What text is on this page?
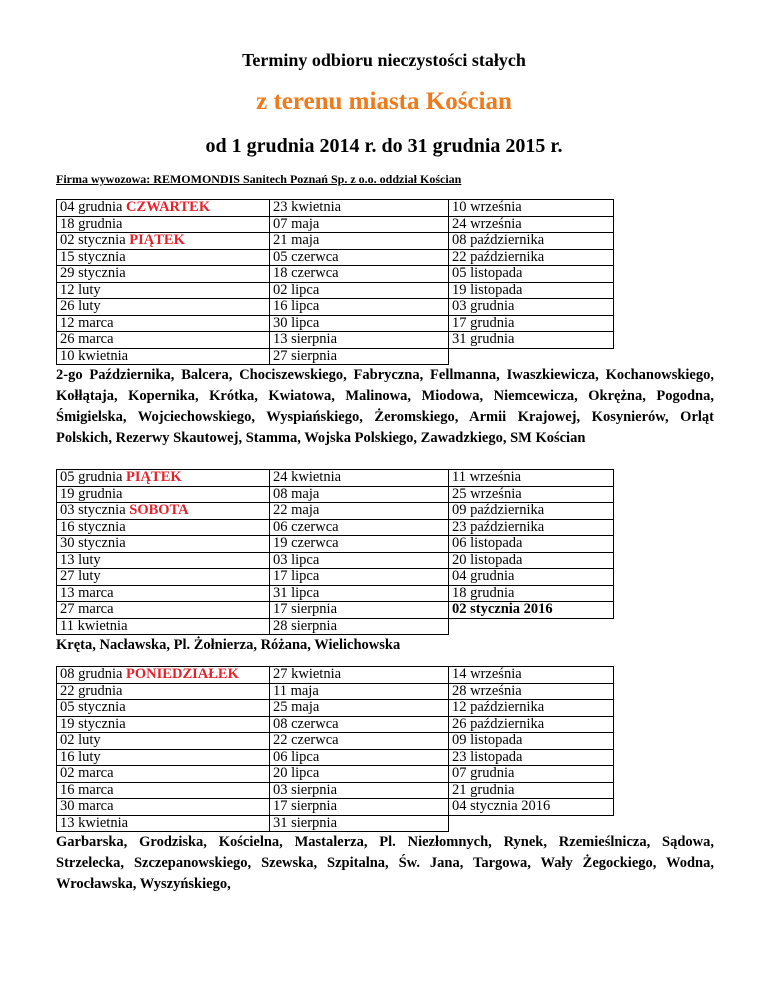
Terminy odbioru nieczystości stałych
z terenu miasta Kościan
od 1 grudnia 2014 r. do 31 grudnia 2015 r.
Firma wywozowa: REMOMONDIS Sanitech Poznań Sp. z o.o. oddział Kościan
04 grudnia CZWARTEK	23 kwietnia	10 września
18 grudnia	07 maja	24 września
02 stycznia PIĄTEK	21 maja	08 października
15 stycznia	05 czerwca	22 października
29 stycznia	18 czerwca	05 listopada
12 luty	02 lipca	19 listopada
26 luty	16 lipca	03 grudnia
12 marca	30 lipca	17 grudnia
26 marca	13 sierpnia	31 grudnia
10 kwietnia	27 sierpnia	
2-go Października, Balcera, Chociszewskiego, Fabryczna, Fellmanna, Iwaszkiewicza, Kochanowskiego, Kołłątaja, Kopernika, Krótka, Kwiatowa, Malinowa, Miodowa, Niemcewicza, Okrężna, Pogodna, Śmigielska, Wojciechowskiego, Wyspiańskiego, Żeromskiego, Armii Krajowej, Kosynierów, Orląt Polskich, Rezerwy Skautowej, Stamma, Wojska Polskiego, Zawadzkiego, SM Kościan
05 grudnia PIĄTEK	24 kwietnia	11 września
19 grudnia	08 maja	25 września
03 stycznia SOBOTA	22 maja	09 października
16 stycznia	06 czerwca	23 października
30 stycznia	19 czerwca	06 listopada
13 luty	03 lipca	20 listopada
27 luty	17 lipca	04 grudnia
13 marca	31 lipca	18 grudnia
27 marca	17 sierpnia	02 stycznia 2016
11 kwietnia	28 sierpnia	
Kręta, Nacławska, Pl. Żołnierza, Różana, Wielichowska
08 grudnia PONIEDZIAŁEK	27 kwietnia	14 września
22 grudnia	11 maja	28 września
05 stycznia	25 maja	12 października
19 stycznia	08 czerwca	26 października
02 luty	22 czerwca	09 listopada
16 luty	06 lipca	23 listopada
02 marca	20 lipca	07 grudnia
16 marca	03 sierpnia	21 grudnia
30 marca	17 sierpnia	04 stycznia 2016
13 kwietnia	31 sierpnia	
Garbarska, Grodziska, Kościelna, Mastalerza, Pl. Niezłomnych, Rynek, Rzemieślnicza, Sądowa, Strzelecka, Szczepanowskiego, Szewska, Szpitalna, Św. Jana, Targowa, Wały Żegockiego, Wodna, Wrocławska, Wyszyńskiego,
